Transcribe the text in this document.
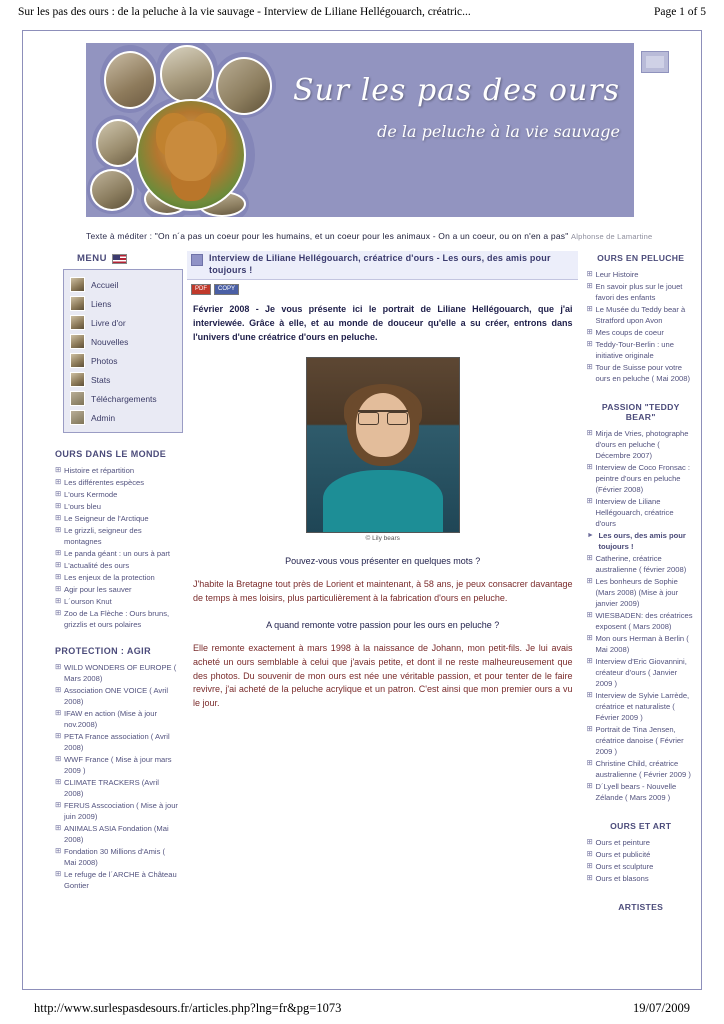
Sur les pas des ours : de la peluche à la vie sauvage - Interview de Liliane Hellégouarch, créatric...	Page 1 of 5
Sur les pas des ours
de la peluche à la vie sauvage
Texte à méditer : "On n´a pas un coeur pour les humains, et un coeur pour les animaux - On a un coeur, ou on n'en a pas" Alphonse de Lamartine
MENU
Accueil
Liens
Livre d'or
Nouvelles
Photos
Stats
Téléchargements
Admin
OURS DANS LE MONDE
⊞ Histoire et répartition
⊞ Les différentes espèces
⊞ L'ours Kermode
⊞ L'ours bleu
⊞ Le Seigneur de l'Arctique
⊞ Le grizzli, seigneur des montagnes
⊞ Le panda géant : un ours à part
⊞ L'actualité des ours
⊞ Les enjeux de la protection
⊞ Agir pour les sauver
⊞ L´ourson Knut
⊞ Zoo de La Flèche : Ours bruns, grizzlis et ours polaires
PROTECTION : AGIR
⊞ WILD WONDERS OF EUROPE ( Mars 2008)
⊞ Association ONE VOICE ( Avril 2008)
⊞ IFAW en action (Mise à jour nov.2008)
⊞ PETA France association ( Avril 2008)
⊞ WWF France ( Mise à jour mars 2009 )
⊞ CLIMATE TRACKERS (Avril 2008)
⊞ FERUS Asscociation ( Mise à jour juin 2009)
⊞ ANIMALS ASIA Fondation (Mai 2008)
⊞ Fondation 30 Millions d'Amis ( Mai 2008)
⊞ Le refuge de l´ARCHE à Château Gontier
Interview de Liliane Hellégouarch, créatrice d'ours - Les ours, des amis pour toujours !
PDF	COPY

Février 2008 - Je vous présente ici le portrait de Liliane Hellégouarch, que j'ai interviewée. Grâce à elle, et au monde de douceur qu'elle a su créer, entrons dans l'univers d'une créatrice d'ours en peluche.

© Lily bears
Pouvez-vous vous présenter en quelques mots ?

J'habite la Bretagne tout près de Lorient et maintenant, à 58 ans, je peux consacrer davantage de temps à mes loisirs, plus particulièrement à la fabrication d'ours en peluche.

A quand remonte votre passion pour les ours en peluche ?

Elle remonte exactement à mars 1998 à la naissance de Johann, mon petit-fils. Je lui avais acheté un ours semblable à celui que j'avais petite, et dont il ne reste malheureusement que des photos. Du souvenir de mon ours est née une véritable passion, et pour tenter de le faire revivre, j'ai acheté de la peluche acrylique et un patron. C'est ainsi que mon premier ours a vu le jour.

OURS EN PELUCHE
⊞ Leur Histoire
⊞ En savoir plus sur le jouet favori des enfants
⊞ Le Musée du Teddy bear à Stratford upon Avon
⊞ Mes coups de coeur
⊞ Teddy-Tour-Berlin : une initiative originale
⊞ Tour de Suisse pour votre ours en peluche ( Mai 2008)
PASSION "TEDDY BEAR"
⊞ Mirja de Vries, photographe d'ours en peluche ( Décembre 2007)
⊞ Interview de Coco Fronsac : peintre d'ours en peluche (Février 2008)
⊞ Interview de Liliane Hellégouarch, créatrice d'ours
▸ Les ours, des amis pour toujours !
⊞ Catherine, créatrice australienne ( février 2008)
⊞ Les bonheurs de Sophie (Mars 2008) (Mise à jour janvier 2009)
⊞ WIESBADEN: des créatrices exposent ( Mars 2008)
⊞ Mon ours Herman à Berlin ( Mai 2008)
⊞ Interview d'Eric Giovannini, créateur d'ours ( Janvier 2009 )
⊞ Interview de Sylvie Larrède, créatrice et naturaliste ( Février 2009 )
⊞ Portrait de Tina Jensen, créatrice danoise ( Février 2009 )
⊞ Christine Child, créatrice australienne ( Février 2009 )
⊞ D´Lyell bears - Nouvelle Zélande ( Mars 2009 )
OURS ET ART
⊞ Ours et peinture
⊞ Ours et publicité
⊞ Ours et sculpture
⊞ Ours et blasons
ARTISTES
http://www.surlespasdesours.fr/articles.php?lng=fr&pg=1073	19/07/2009
